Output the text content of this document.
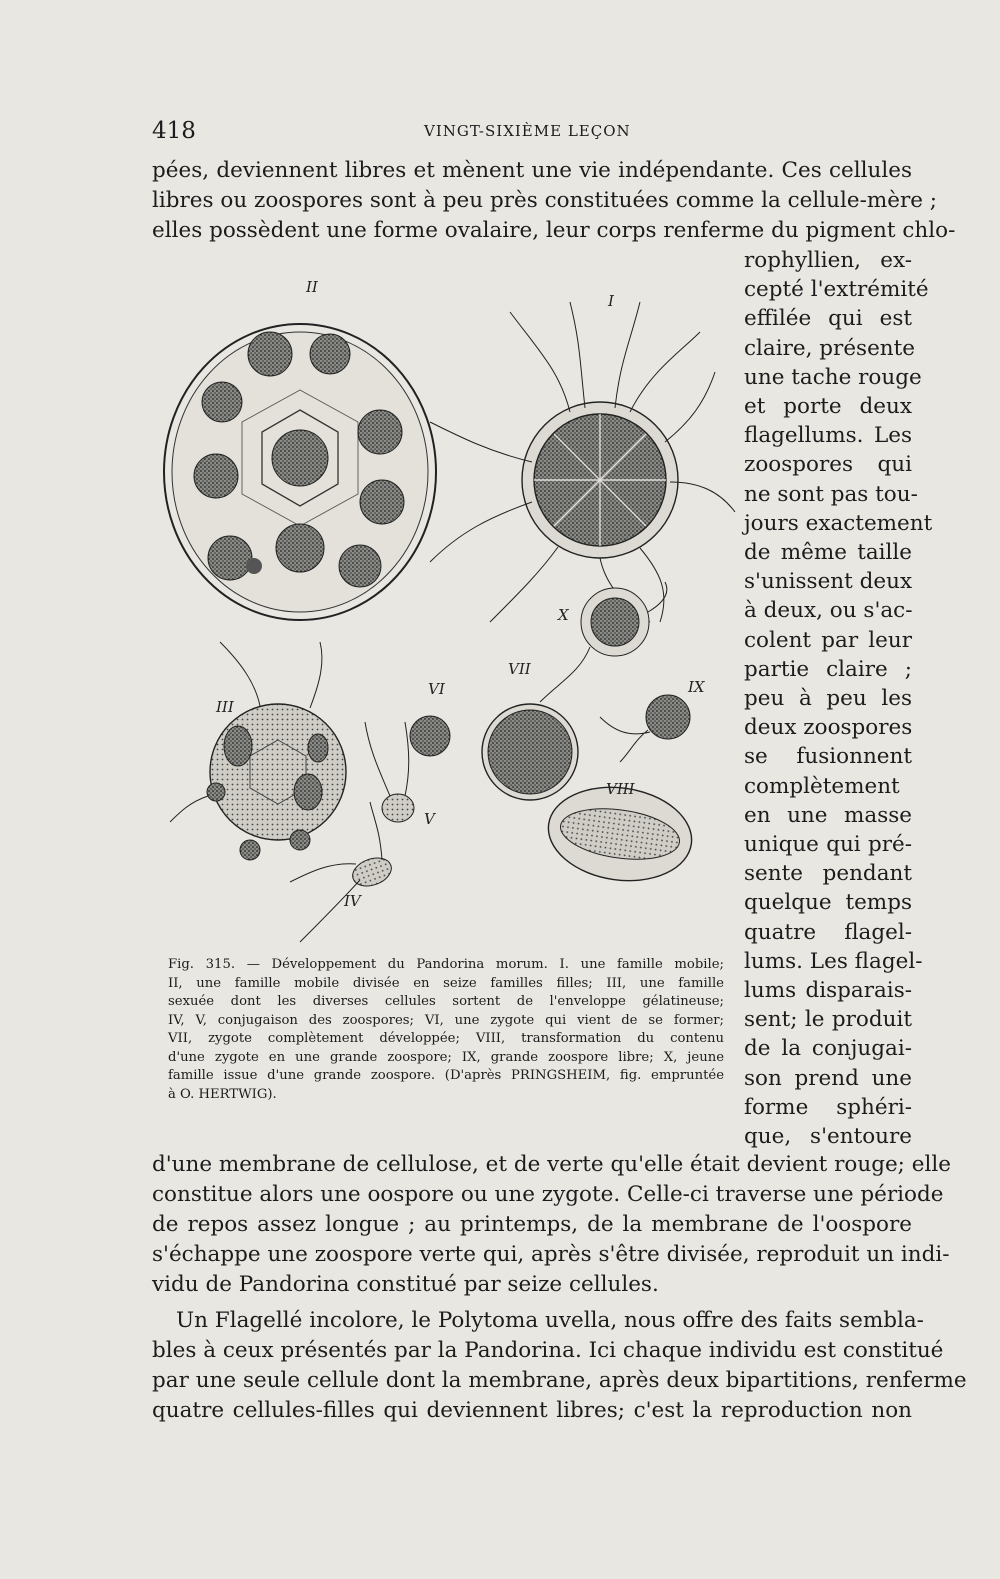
418	VINGT-SIXIÈME LEÇON
pées, deviennent libres et mènent une vie indépendante. Ces cellules
libres ou zoospores sont à peu près constituées comme la cellule-mère ;
elles possèdent une forme ovalaire, leur corps renferme du pigment chlo-
rophyllien, ex-
cepté l'extrémité
effilée qui est
claire, présente
une tache rouge
et porte deux
flagellums. Les
zoospores qui
ne sont pas tou-
jours exactement
de même taille
s'unissent deux
à deux, ou s'ac-
colent par leur
partie claire ;
peu à peu les
deux zoospores
se fusionnent
complètement
en une masse
unique qui pré-
sente pendant
quelque temps
quatre flagel-
lums. Les flagel-
lums disparais-
sent; le produit
de la conjugai-
son prend une
forme sphéri-
que, s'entoure
II
I
X
VII
IX
VI
III
VIII
V
IV
Fig. 315. — Développement du Pandorina morum. I. une famille mobile;
II, une famille mobile divisée en seize familles filles; III, une famille
sexuée dont les diverses cellules sortent de l'enveloppe gélatineuse;
IV, V, conjugaison des zoospores; VI, une zygote qui vient de se former;
VII, zygote complètement développée; VIII, transformation du contenu
d'une zygote en une grande zoospore; IX, grande zoospore libre; X, jeune
famille issue d'une grande zoospore. (D'après PRINGSHEIM, fig. empruntée
à O. HERTWIG).
d'une membrane de cellulose, et de verte qu'elle était devient rouge; elle
constitue alors une oospore ou une zygote. Celle-ci traverse une période
de repos assez longue ; au printemps, de la membrane de l'oospore
s'échappe une zoospore verte qui, après s'être divisée, reproduit un indi-
vidu de Pandorina constitué par seize cellules.
Un Flagellé incolore, le Polytoma uvella, nous offre des faits sembla-
bles à ceux présentés par la Pandorina. Ici chaque individu est constitué
par une seule cellule dont la membrane, après deux bipartitions, renferme
quatre cellules-filles qui deviennent libres; c'est la reproduction non
